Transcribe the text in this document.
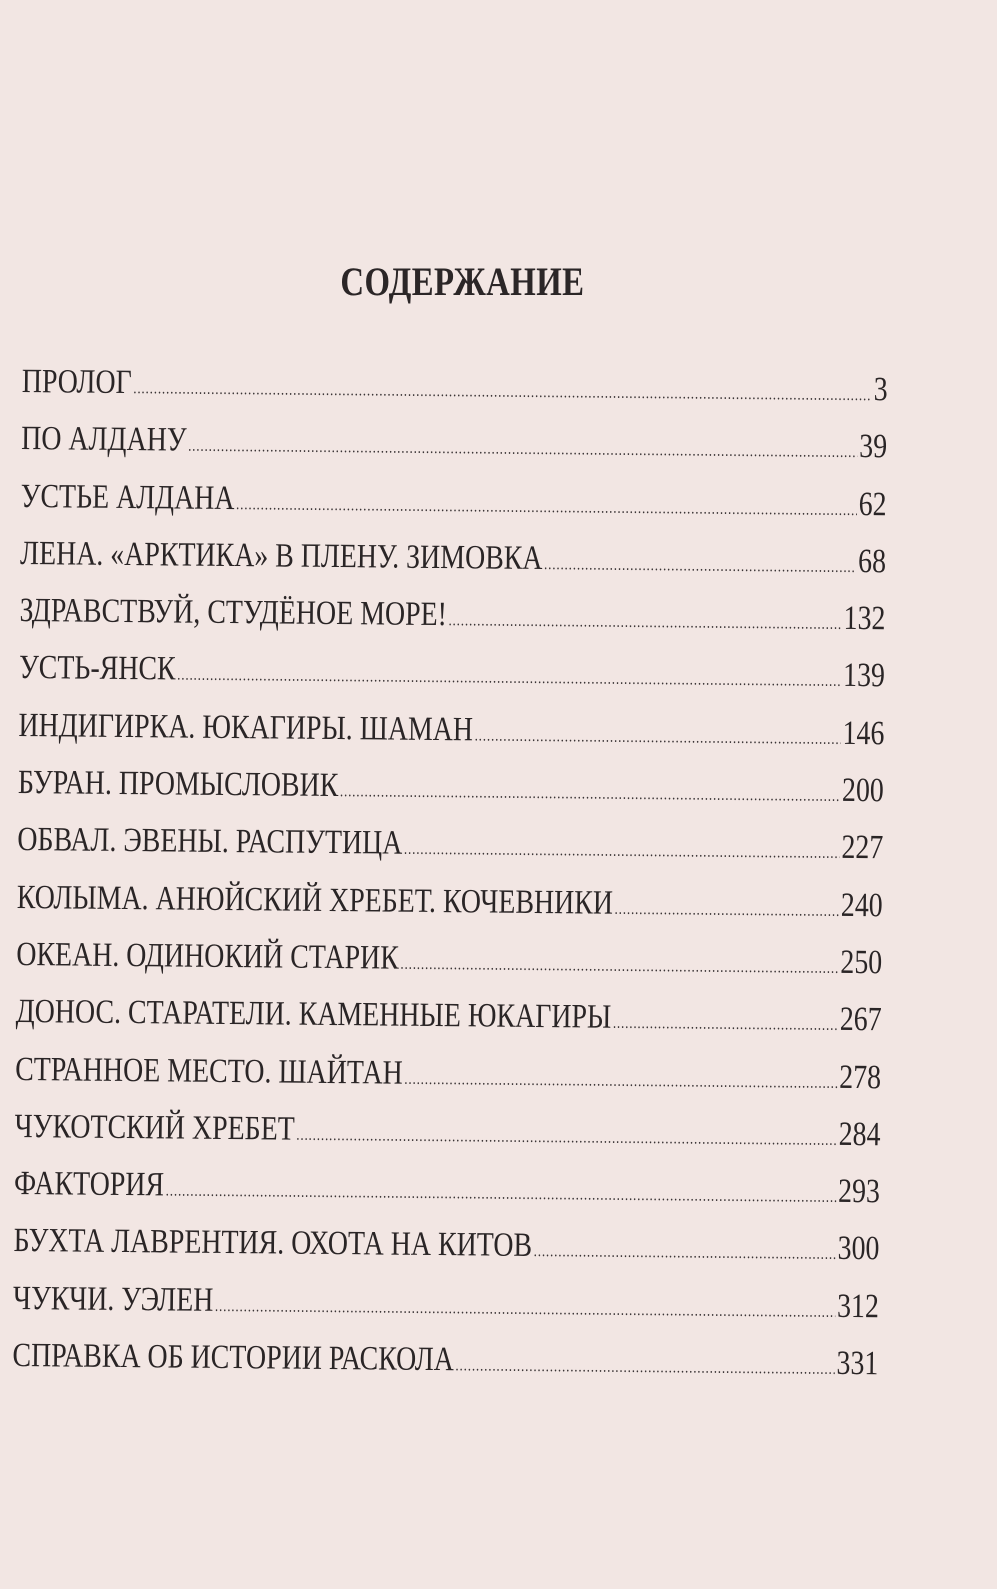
СОДЕРЖАНИЕ
ПРОЛОГ .....	3
ПО АЛДАНУ .....	39
УСТЬЕ АЛДАНА .....	62
ЛЕНА. «АРКТИКА» В ПЛЕНУ. ЗИМОВКА .....	68
ЗДРАВСТВУЙ, СТУДЁНОЕ МОРЕ! .....	132
УСТЬ-ЯНСК .....	139
ИНДИГИРКА. ЮКАГИРЫ. ШАМАН .....	146
БУРАН. ПРОМЫСЛОВИК .....	200
ОБВАЛ. ЭВЕНЫ. РАСПУТИЦА .....	227
КОЛЫМА. АНЮЙСКИЙ ХРЕБЕТ. КОЧЕВНИКИ .....	240
ОКЕАН. ОДИНОКИЙ СТАРИК .....	250
ДОНОС. СТАРАТЕЛИ. КАМЕННЫЕ ЮКАГИРЫ .....	267
СТРАННОЕ МЕСТО. ШАЙТАН .....	278
ЧУКОТСКИЙ ХРЕБЕТ .....	284
ФАКТОРИЯ .....	293
БУХТА ЛАВРЕНТИЯ. ОХОТА НА КИТОВ .....	300
ЧУКЧИ. УЭЛЕН .....	312
СПРАВКА ОБ ИСТОРИИ РАСКОЛА .....	331
